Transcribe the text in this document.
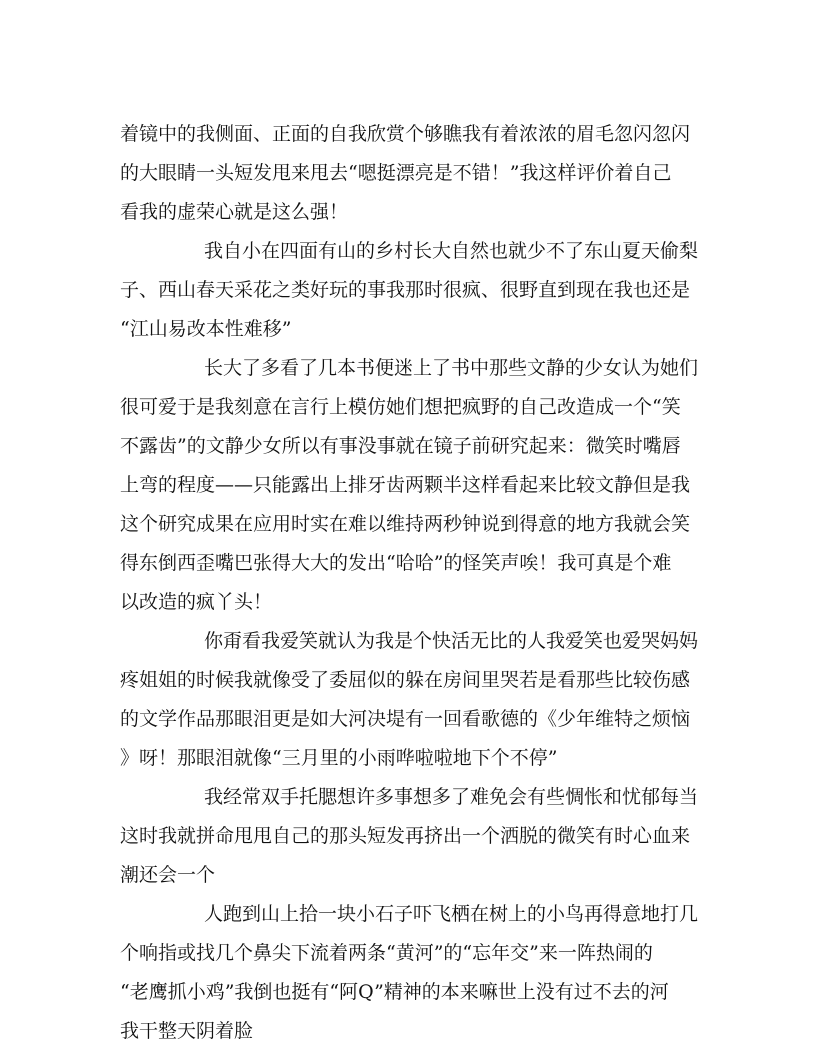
着镜中的我侧面、正面的自我欣赏个够瞧我有着浓浓的眉毛忽闪忽闪
的大眼睛一头短发甩来甩去“嗯挺漂亮是不错！”我这样评价着自己
看我的虚荣心就是这么强！
我自小在四面有山的乡村长大自然也就少不了东山夏天偷梨
子、西山春天采花之类好玩的事我那时很疯、很野直到现在我也还是
“江山易改本性难移”
长大了多看了几本书便迷上了书中那些文静的少女认为她们
很可爱于是我刻意在言行上模仿她们想把疯野的自己改造成一个“笑
不露齿”的文静少女所以有事没事就在镜子前研究起来：微笑时嘴唇
上弯的程度——只能露出上排牙齿两颗半这样看起来比较文静但是我
这个研究成果在应用时实在难以维持两秒钟说到得意的地方我就会笑
得东倒西歪嘴巴张得大大的发出“哈哈”的怪笑声唉！我可真是个难
以改造的疯丫头！
你甭看我爱笑就认为我是个快活无比的人我爱笑也爱哭妈妈
疼姐姐的时候我就像受了委屈似的躲在房间里哭若是看那些比较伤感
的文学作品那眼泪更是如大河决堤有一回看歌德的《少年维特之烦恼
》呀！那眼泪就像“三月里的小雨哗啦啦地下个不停”
我经常双手托腮想许多事想多了难免会有些惆怅和忧郁每当
这时我就拼命甩甩自己的那头短发再挤出一个洒脱的微笑有时心血来
潮还会一个
人跑到山上拾一块小石子吓飞栖在树上的小鸟再得意地打几
个响指或找几个鼻尖下流着两条“黄河”的“忘年交”来一阵热闹的
“老鹰抓小鸡”我倒也挺有“阿Q”精神的本来嘛世上没有过不去的河
我干整天阴着脸
